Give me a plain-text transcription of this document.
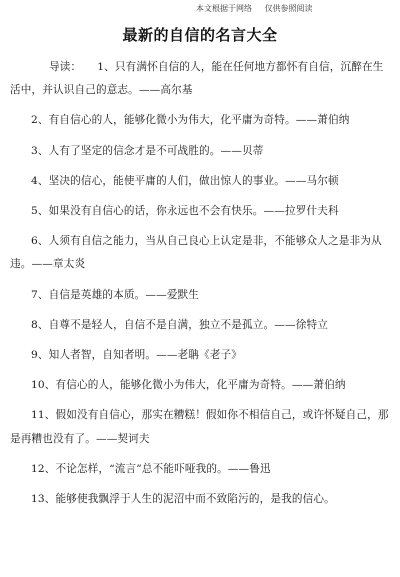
本文根据于网络 仅供参照阅读
最新的自信的名言大全

导读： 1、只有满怀自信的人，能在任何地方都怀有自信，沉醉在生活中，并认识自己的意志。——高尔基

2、有自信心的人，能够化微小为伟大，化平庸为奇特。——萧伯纳

3、人有了坚定的信念才是不可战胜的。——贝蒂

4、坚决的信心，能使平庸的人们，做出惊人的事业。——马尔顿

5、如果没有自信心的话，你永远也不会有快乐。——拉罗什夫科

6、人须有自信之能力，当从自己良心上认定是非，不能够众人之是非为从违。——章太炎

7、自信是英雄的本质。——爱默生

8、自尊不是轻人，自信不是自满，独立不是孤立。——徐特立

9、知人者智，自知者明。——老聃《老子》

10、有信心的人，能够化微小为伟大，化平庸为奇特。——萧伯纳

11、假如没有自信心，那实在糟糕！假如你不相信自己，或许怀疑自己，那是再糟也没有了。——契诃夫

12、不论怎样，“流言”总不能吓哑我的。——鲁迅

13、能够使我飘浮于人生的泥沼中而不致陷污的，是我的信心。
